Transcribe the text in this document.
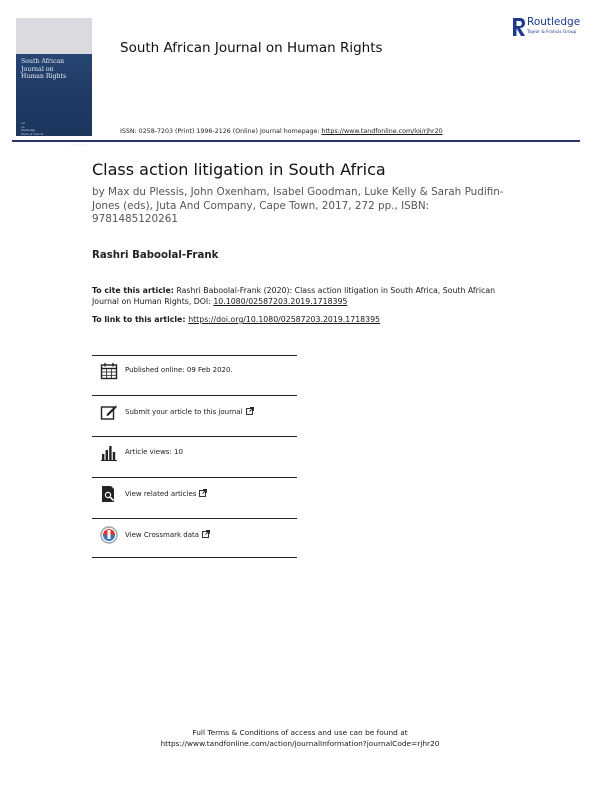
South African
Journal on
Human Rights
vol
no
Routledge
Taylor & Francis
Routledge
South African Journal on Human Rights
Routledge
Taylor & Francis Group
ISSN: 0258-7203 (Print) 1996-2126 (Online) Journal homepage: https://www.tandfonline.com/loi/rjhr20
Class action litigation in South Africa
by Max du Plessis, John Oxenham, Isabel Goodman, Luke Kelly & Sarah Pudifin-Jones (eds), Juta And Company, Cape Town, 2017, 272 pp., ISBN: 9781485120261
Rashri Baboolal-Frank
To cite this article: Rashri Baboolal-Frank (2020): Class action litigation in South Africa, South African Journal on Human Rights, DOI: 10.1080/02587203.2019.1718395
To link to this article: https://doi.org/10.1080/02587203.2019.1718395
Published online: 09 Feb 2020.
Submit your article to this journal
Article views: 10
View related articles
View Crossmark data
Full Terms & Conditions of access and use can be found at
https://www.tandfonline.com/action/journalInformation?journalCode=rjhr20
